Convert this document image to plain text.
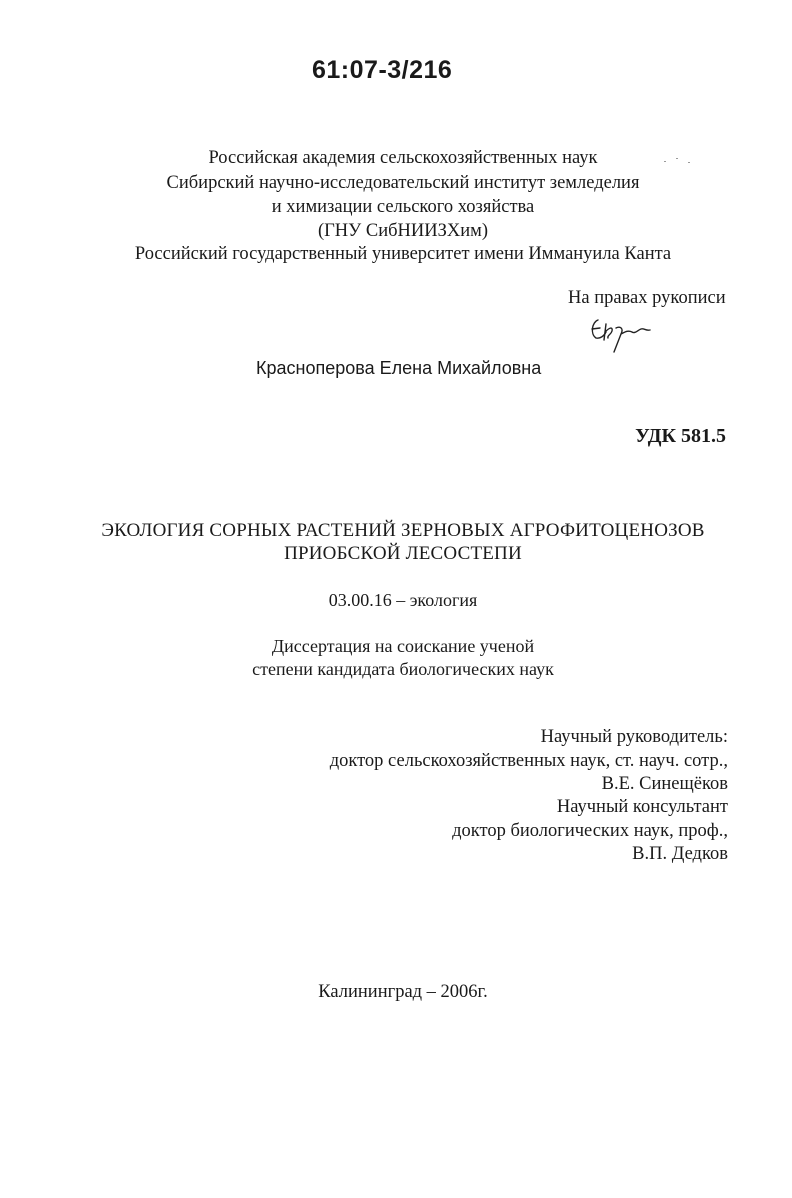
61:07-3/216
Российская академия сельскохозяйственных наук
Сибирский научно-исследовательский институт земледелия
и химизации сельского хозяйства
(ГНУ СибНИИЗХим)
Российский государственный университет имени Иммануила Канта
На правах рукописи
Красноперова Елена Михайловна
УДК 581.5
ЭКОЛОГИЯ СОРНЫХ РАСТЕНИЙ ЗЕРНОВЫХ АГРОФИТОЦЕНОЗОВ
ПРИОБСКОЙ ЛЕСОСТЕПИ
03.00.16 – экология
Диссертация на соискание ученой
степени кандидата биологических наук
Научный руководитель:
доктор сельскохозяйственных наук, ст. науч. сотр.,
В.Е. Синещёков
Научный консультант
доктор биологических наук, проф.,
В.П. Дедков
Калининград – 2006г.
